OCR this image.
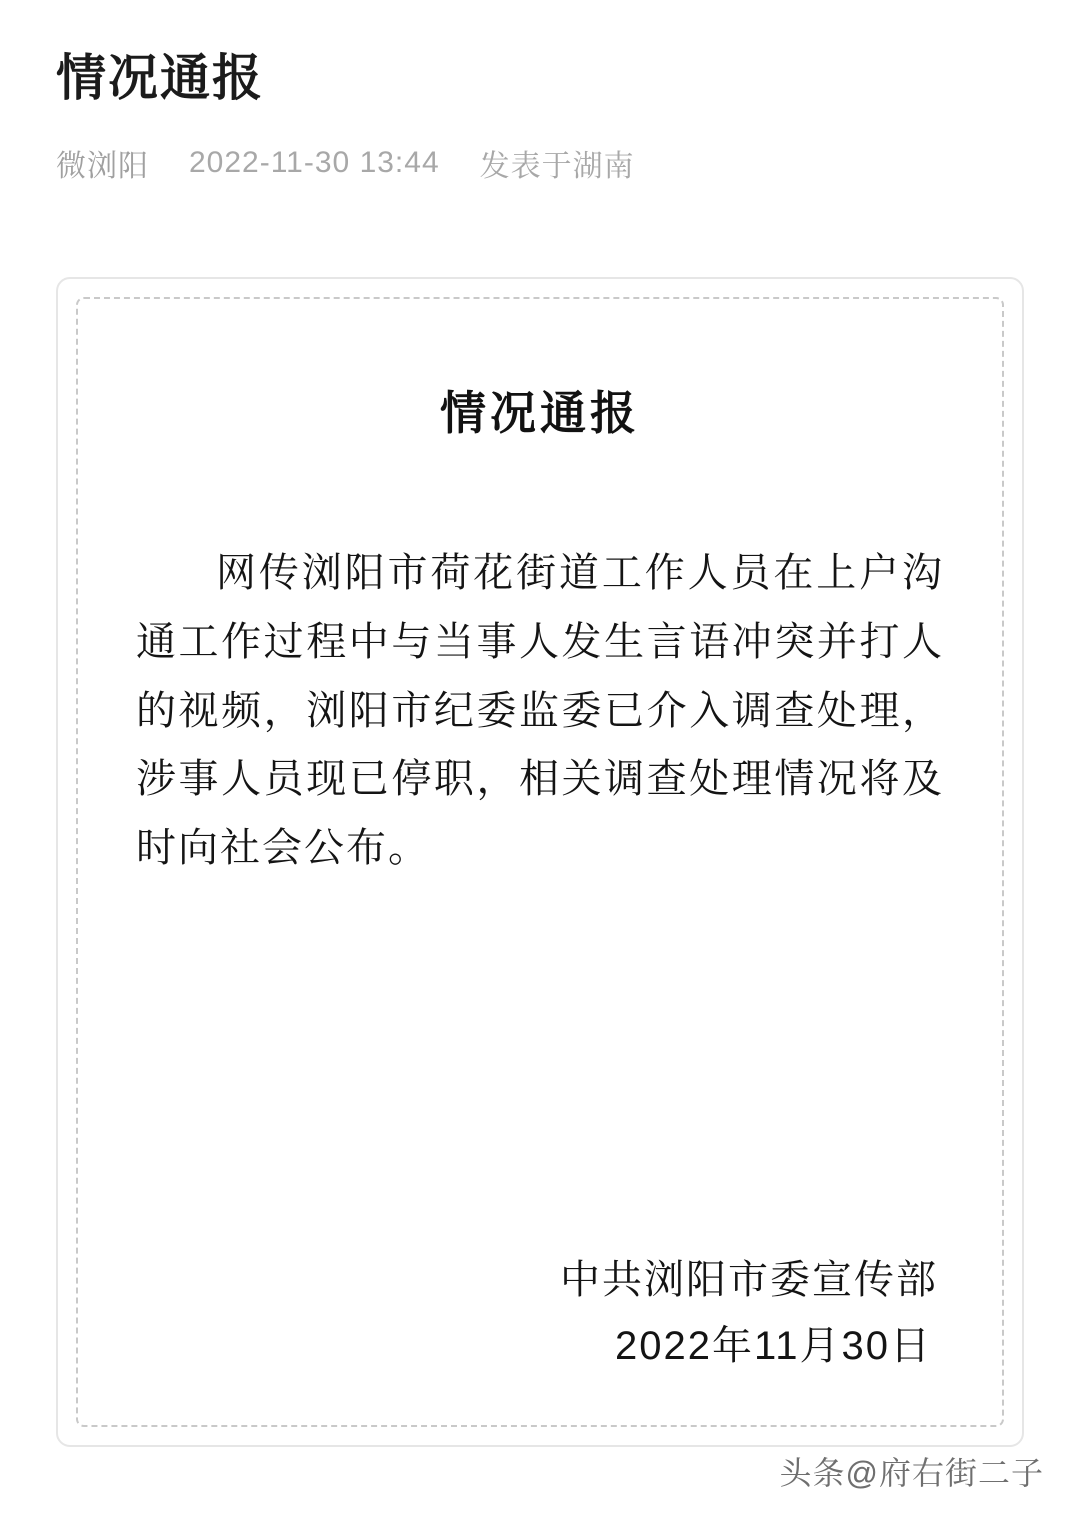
情况通报
微浏阳 2022-11-30 13:44 发表于湖南
情况通报

网传浏阳市荷花街道工作人员在上户沟通工作过程中与当事人发生言语冲突并打人的视频，浏阳市纪委监委已介入调查处理，涉事人员现已停职，相关调查处理情况将及时向社会公布。

中共浏阳市委宣传部
2022年11月30日
头条@府右街二子
